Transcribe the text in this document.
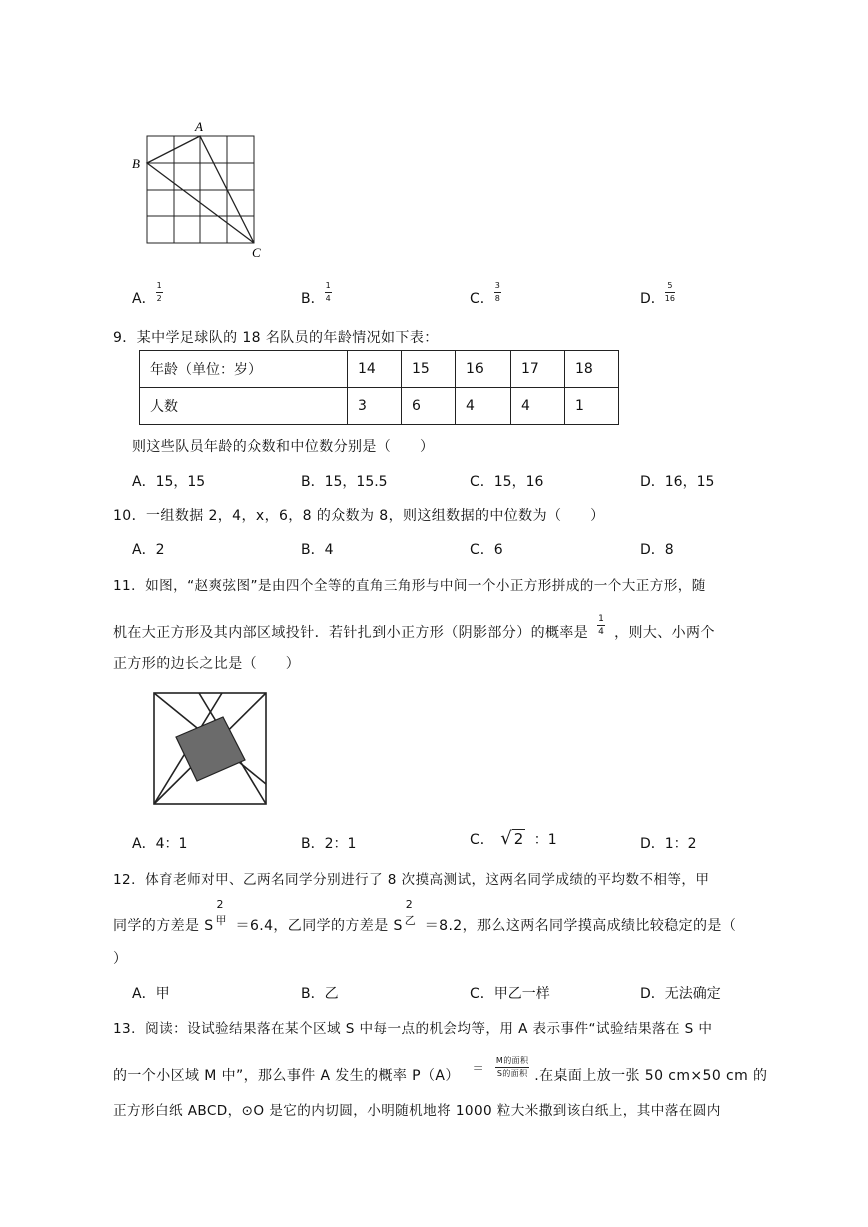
A
B
C
A． $\frac{1}{2}$	B． $\frac{1}{4}$	C． $\frac{3}{8}$	D． $\frac{5}{16}$
9．某中学足球队的 18 名队员的年龄情况如下表：
年龄（单位：岁）	14	15	16	17	18
人数	3	6	4	4	1
则这些队员年龄的众数和中位数分别是（　　）
A．15，15	B．15，15.5	C．15，16	D．16，15
10．一组数据 2，4，x，6，8 的众数为 8，则这组数据的中位数为（　　）
A．2	B．4	C．6	D．8
11．如图，“赵爽弦图”是由四个全等的直角三角形与中间一个小正方形拼成的一个大正方形，随
机在大正方形及其内部区域投针．若针扎到小正方形（阴影部分）的概率是 $\frac{1}{4}$ ，则大、小两个
正方形的边长之比是（　　）
A．4：1	B．2：1	C． √ 2 ：1	D．1：2
12．体育老师对甲、乙两名同学分别进行了 8 次摸高测试，这两名同学成绩的平均数不相等，甲
同学的方差是 S
2
甲 ＝6.4，乙同学的方差是 S
2
乙 ＝8.2，那么这两名同学摸高成绩比较稳定的是（
）
A．甲	B．乙	C．甲乙一样	D．无法确定
13．阅读：设试验结果落在某个区域 S 中每一点的机会均等，用 A 表示事件“试验结果落在 S 中
的一个小区域 M 中”，那么事件 A 发生的概率 $P(A) = \frac{\text{M的面积}}{\text{S的面积}}$ .在桌面上放一张 50 cm×50 cm 的
正方形白纸 ABCD，⊙O 是它的内切圆，小明随机地将 1000 粒大米撒到该白纸上，其中落在圆内
